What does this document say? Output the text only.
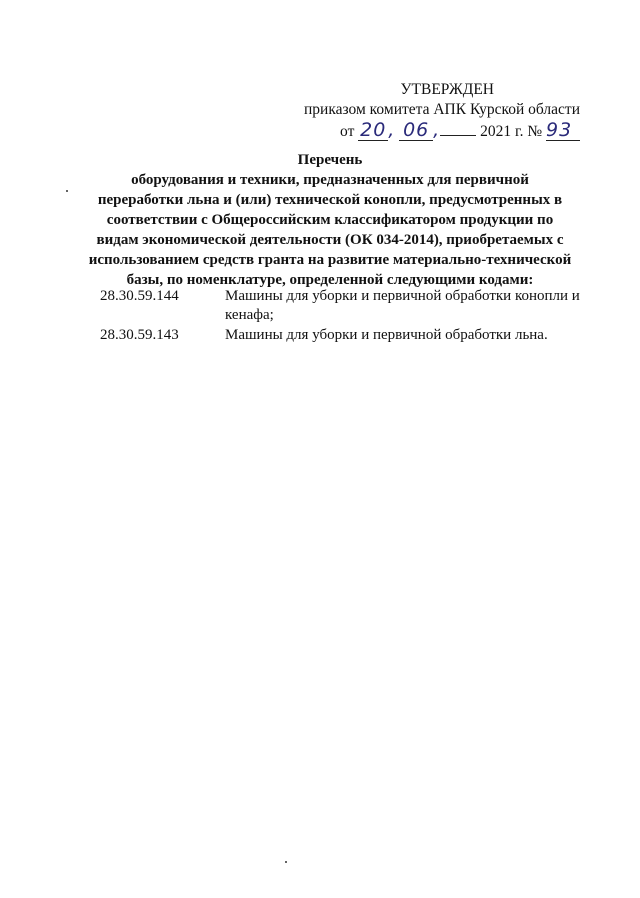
УТВЕРЖДЕН
приказом комитета АПК Курской области
от 20 , 06 ,	2021 г. № 93
Перечень
оборудования и техники, предназначенных для первичной
переработки льна и (или) технической конопли, предусмотренных в
соответствии с Общероссийским классификатором продукции по
видам экономической деятельности (ОК 034-2014), приобретаемых с
использованием средств гранта на развитие материально-технической
базы, по номенклатуре, определенной следующими кодами:
28.30.59.144	Машины для уборки и первичной обработки конопли и кенафа;
28.30.59.143	Машины для уборки и первичной обработки льна.
